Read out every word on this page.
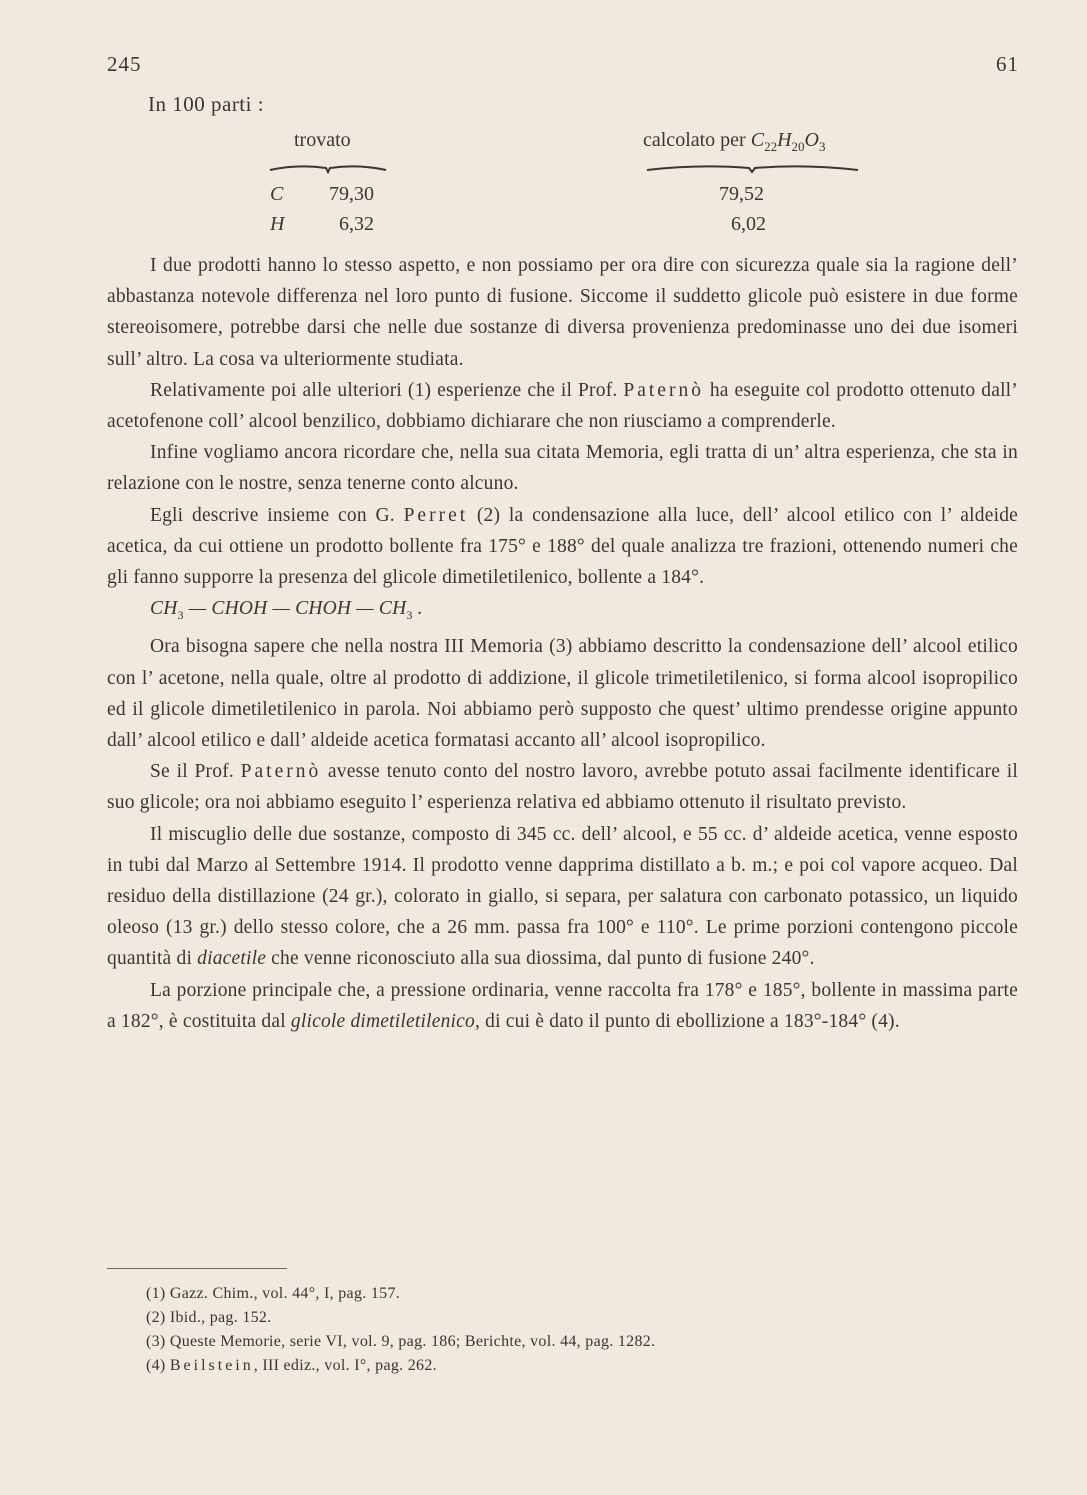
245	61
In 100 parti :
trovato	calcolato per $C_{22}H_{20}O_3$
C 79,30	79,52
H	6,32	6,02

I due prodotti hanno lo stesso aspetto, e non possiamo per ora dire con sicurezza quale sia la ragione dell’ abbastanza notevole differenza nel loro punto di fusione. Siccome il suddetto glicole può esistere in due forme stereoisomere, potrebbe darsi che nelle due sostanze di diversa provenienza predominasse uno dei due isomeri sull’ altro. La cosa va ulteriormente studiata.

Relativamente poi alle ulteriori (1) esperienze che il Prof. Paternò ha eseguite col prodotto ottenuto dall’ acetofenone coll’ alcool benzilico, dobbiamo dichiarare che non riusciamo a comprenderle.

Infine vogliamo ancora ricordare che, nella sua citata Memoria, egli tratta di un’ altra esperienza, che sta in relazione con le nostre, senza tenerne conto alcuno.

Egli descrive insieme con G. Perret (2) la condensazione alla luce, dell’ alcool etilico con l’ aldeide acetica, da cui ottiene un prodotto bollente fra 175° e 188° del quale analizza tre frazioni, ottenendo numeri che gli fanno supporre la presenza del glicole dimetiletilenico, bollente a 184°.

$CH_3$ — CHOH — CHOH — $CH_3$ .

Ora bisogna sapere che nella nostra III Memoria (3) abbiamo descritto la condensazione dell’ alcool etilico con l’ acetone, nella quale, oltre al prodotto di addizione, il glicole trimetiletilenico, si forma alcool isopropilico ed il glicole dimetiletilenico in parola. Noi abbiamo però supposto che quest’ ultimo prendesse origine appunto dall’ alcool etilico e dall’ aldeide acetica formatasi accanto all’ alcool isopropilico.

Se il Prof. Paternò avesse tenuto conto del nostro lavoro, avrebbe potuto assai facilmente identificare il suo glicole; ora noi abbiamo eseguito l’ esperienza relativa ed abbiamo ottenuto il risultato previsto.

Il miscuglio delle due sostanze, composto di 345 cc. dell’ alcool, e 55 cc. d’ aldeide acetica, venne esposto in tubi dal Marzo al Settembre 1914. Il prodotto venne dapprima distillato a b. m.; e poi col vapore acqueo. Dal residuo della distillazione (24 gr.), colorato in giallo, si separa, per salatura con carbonato potassico, un liquido oleoso (13 gr.) dello stesso colore, che a 26 mm. passa fra 100° e 110°. Le prime porzioni contengono piccole quantità di diacetile che venne riconosciuto alla sua diossima, dal punto di fusione 240°.

La porzione principale che, a pressione ordinaria, venne raccolta fra 178° e 185°, bollente in massima parte a 182°, è costituita dal glicole dimetiletilenico, di cui è dato il punto di ebollizione a 183°-184° (4).

(1) Gazz. Chim., vol. 44°, I, pag. 157.
(2) Ibid., pag. 152.
(3) Queste Memorie, serie VI, vol. 9, pag. 186; Berichte, vol. 44, pag. 1282.
(4) Beilstein, III ediz., vol. I°, pag. 262.
